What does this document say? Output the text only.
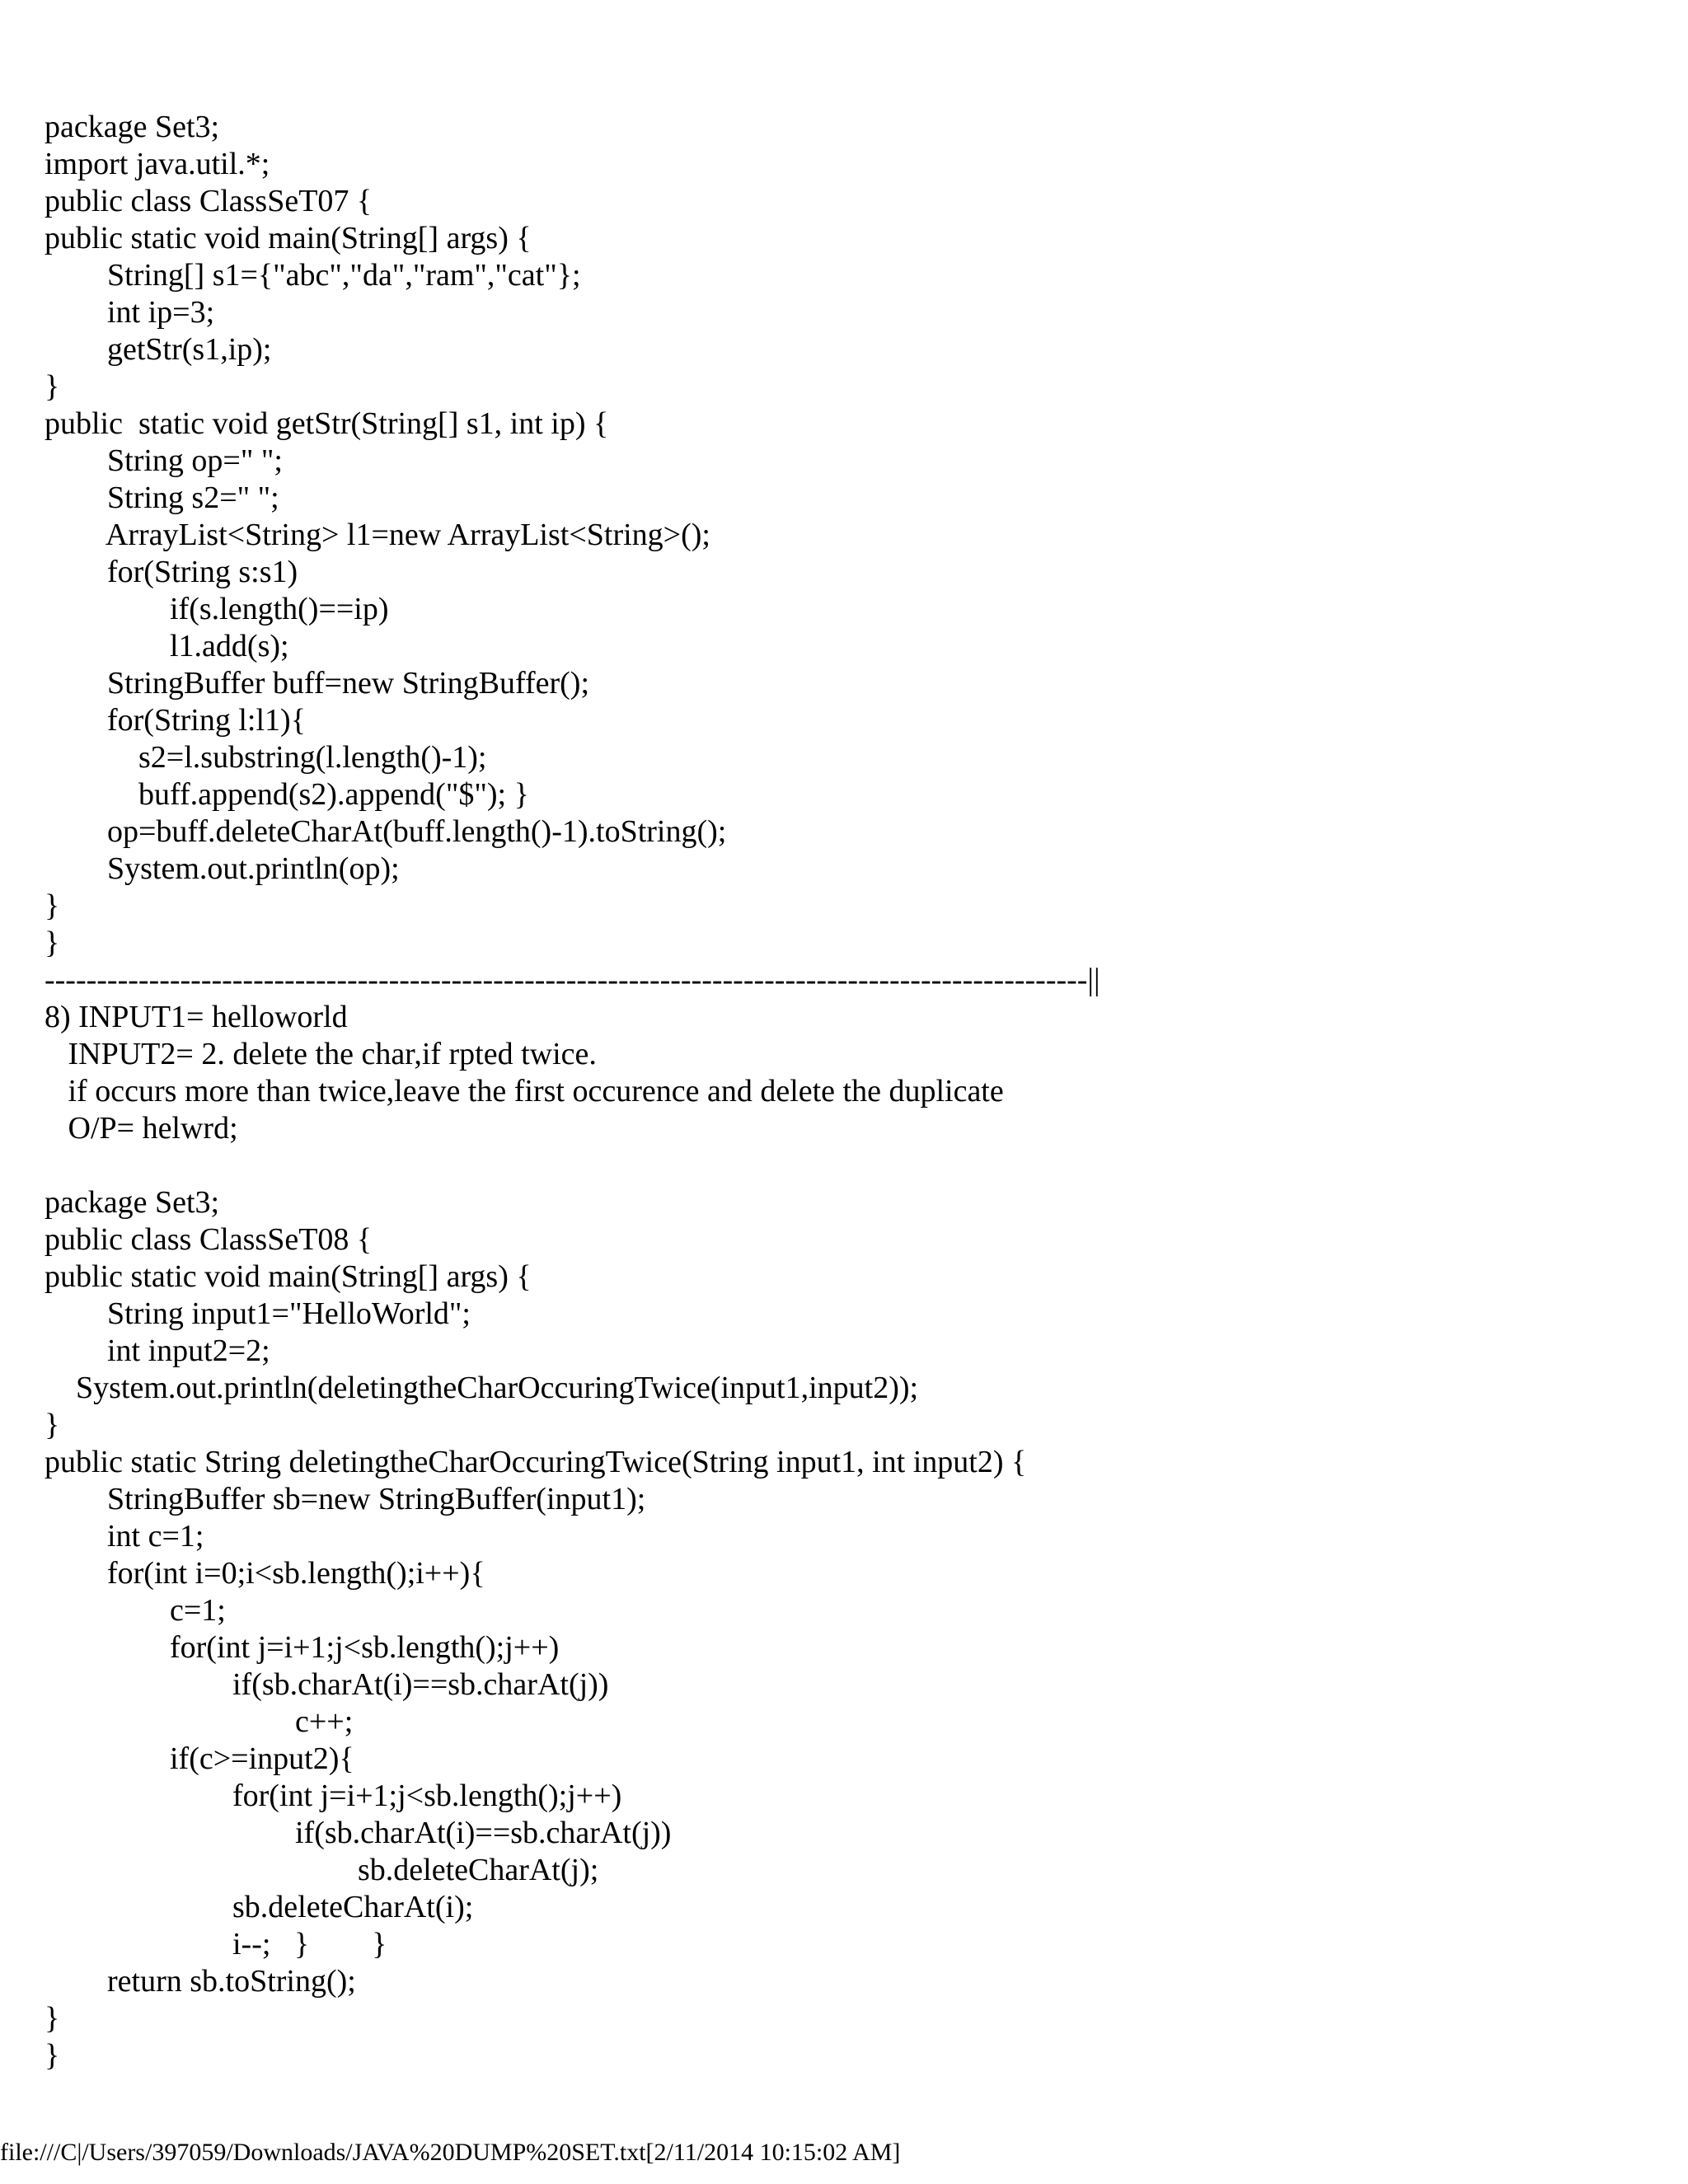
package Set3;
import java.util.*;
public class ClassSeT07 {
public static void main(String[] args) {
String[] s1={"abc","da","ram","cat"};
int ip=3;
getStr(s1,ip);
}
public  static void getStr(String[] s1, int ip) {
String op=" ";
String s2=" ";
ArrayList<String> l1=new ArrayList<String>();
for(String s:s1)
if(s.length()==ip)
l1.add(s);
StringBuffer buff=new StringBuffer();
for(String l:l1){
s2=l.substring(l.length()-1);
buff.append(s2).append("$"); }
op=buff.deleteCharAt(buff.length()-1).toString();
System.out.println(op);
}
}
----------------------------------------------------------------------------------------------------||
8) INPUT1= helloworld
INPUT2= 2. delete the char,if rpted twice.
if occurs more than twice,leave the first occurence and delete the duplicate
O/P= helwrd;
package Set3;
public class ClassSeT08 {
public static void main(String[] args) {
String input1="HelloWorld";
int input2=2;
System.out.println(deletingtheCharOccuringTwice(input1,input2));
}
public static String deletingtheCharOccuringTwice(String input1, int input2) {
StringBuffer sb=new StringBuffer(input1);
int c=1;
for(int i=0;i<sb.length();i++){
c=1;
for(int j=i+1;j<sb.length();j++)
if(sb.charAt(i)==sb.charAt(j))
c++;
if(c>=input2){
for(int j=i+1;j<sb.length();j++)
if(sb.charAt(i)==sb.charAt(j))
sb.deleteCharAt(j);
sb.deleteCharAt(i);
i--;   }        }
return sb.toString();
}
}
file:///C|/Users/397059/Downloads/JAVA%20DUMP%20SET.txt[2/11/2014 10:15:02 AM]
